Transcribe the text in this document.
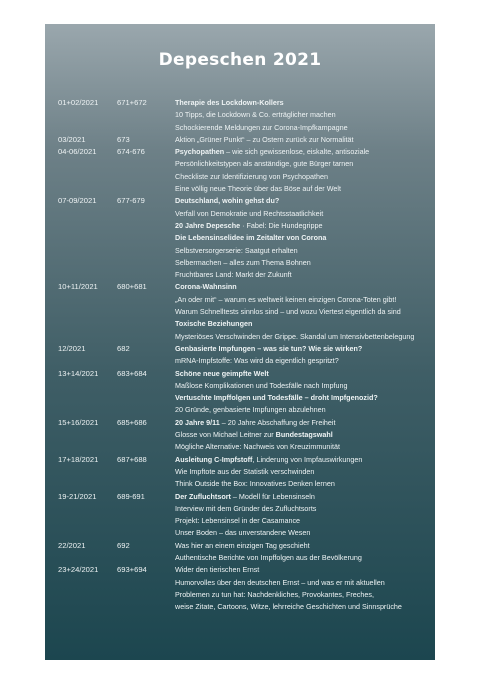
Depeschen 2021
01+02/2021	671+672	Therapie des Lockdown-Kollers
10 Tipps, die Lockdown & Co. erträglicher machen
Schockierende Meldungen zur Corona-Impfkampagne
03/2021	673	Aktion „Grüner Punkt“ – zu Ostern zurück zur Normalität
04-06/2021	674-676	Psychopathen – wie sich gewissenlose, eiskalte, antisoziale
Persönlichkeitstypen als anständige, gute Bürger tarnen
Checkliste zur Identifizierung von Psychopathen
Eine völlig neue Theorie über das Böse auf der Welt
07-09/2021	677-679	Deutschland, wohin gehst du?
Verfall von Demokratie und Rechtsstaatlichkeit
20 Jahre Depesche · Fabel: Die Hundegrippe
Die Lebensinselidee im Zeitalter von Corona
Selbstversorgerserie: Saatgut erhalten
Selbermachen – alles zum Thema Bohnen
Fruchtbares Land: Markt der Zukunft
10+11/2021	680+681	Corona-Wahnsinn
„An oder mit“ – warum es weltweit keinen einzigen Corona-Toten gibt!
Warum Schnelltests sinnlos sind – und wozu Viertest eigentlich da sind
Toxische Beziehungen
Mysteriöses Verschwinden der Grippe. Skandal um Intensivbettenbelegung
12/2021	682	Genbasierte Impfungen – was sie tun? Wie sie wirken?
mRNA-Impfstoffe: Was wird da eigentlich gespritzt?
13+14/2021	683+684	Schöne neue geimpfte Welt
Maßlose Komplikationen und Todesfälle nach Impfung
Vertuschte Impffolgen und Todesfälle – droht Impfgenozid?
20 Gründe, genbasierte Impfungen abzulehnen
15+16/2021	685+686	20 Jahre 9/11 – 20 Jahre Abschaffung der Freiheit
Glosse von Michael Leitner zur Bundestagswahl
Mögliche Alternative: Nachweis von Kreuzimmunität
17+18/2021	687+688	Ausleitung C-Impfstoff, Linderung von Impfauswirkungen
Wie Impftote aus der Statistik verschwinden
Think Outside the Box: Innovatives Denken lernen
19-21/2021	689-691	Der Zufluchtsort – Modell für Lebensinseln
Interview mit dem Gründer des Zufluchtsorts
Projekt: Lebensinsel in der Casamance
Unser Boden – das unverstandene Wesen
22/2021	692	Was hier an einem einzigen Tag geschieht
Authentische Berichte von Impffolgen aus der Bevölkerung
23+24/2021	693+694	Wider den tierischen Ernst
Humorvolles über den deutschen Ernst – und was er mit aktuellen
Problemen zu tun hat: Nachdenkliches, Provokantes, Freches,
weise Zitate, Cartoons, Witze, lehrreiche Geschichten und Sinnsprüche
